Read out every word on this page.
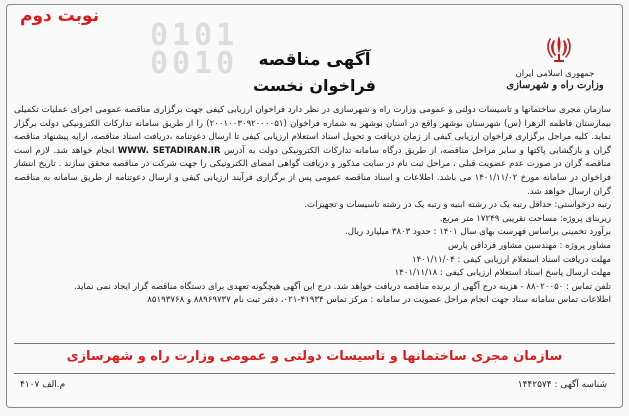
0101
0010
نوبت دوم
جمهوری اسلامی ایران
وزارت راه و شهرسازی
آگهی مناقصه
فراخوان نخست

سازمان مجری ساختمانها و تاسیسات دولتی و عمومی وزارت راه و شهرسازی در نظر دارد فراخوان ارزیابی کیفی جهت برگزاری مناقصه عمومی اجرای عملیات تکمیلی بیمارستان فاطمه الزهرا (س) شهرستان بوشهر واقع در استان بوشهر به شماره فراخوان (۲۰۰۱۰۰۳۰۹۲۰۰۰۰۵۱) را از طریق سامانه تدارکات الکترونیکی دولت برگزار نماید. کلیه مراحل برگزاری فراخوان ارزیابی کیفی از زمان دریافت و تحویل اسناد استعلام ارزیابی کیفی تا ارسال دعوتنامه ،دریافت اسناد مناقصه، ارایه پیشنهاد مناقصه گران و بازگشایی پاکتها و سایر مراحل مناقصه، از طریق درگاه سامانه تدارکات الکترونیکی دولت به آدرس WWW. SETADIRAN.IR انجام خواهد شد. لازم است مناقصه گران در صورت عدم عضویت قبلی ، مراحل ثبت نام در سایت مذکور و دریافت گواهی امضای الکترونیکی را جهت شرکت در مناقصه محقق سازند . تاریخ انتشار فراخوان در سامانه مورخ ۱۴۰۱/۱۱/۰۲ می باشد. اطلاعات و اسناد مناقصه عمومی پس از برگزاری فرآیند ارزیابی کیفی و ارسال دعوتنامه از طریق سامانه به مناقصه گران ارسال خواهد شد.

رتبه درخواستی: حداقل رتبه یک در رشته ابنیه و رتبه یک در رشته تاسیسات و تجهیزات.

زیربنای پروژه: مساحت تقریبی ۱۷۲۴۹ متر مربع.

برآورد تخمینی براساس فهرست بهای سال ۱۴۰۱ : حدود ۳۸۰۳ میلیارد ریال.

مشاور پروژه : مهندسین مشاور فرداقن پارس

مهلت دریافت اسناد استعلام ارزیابی کیفی : ۱۴۰۱/۱۱/۰۴

مهلت ارسال پاسخ اسناد استعلام ارزیابی کیفی : ۱۴۰۱/۱۱/۱۸

تلفن تماس : ۸۸۰۲۰۰۵۰ - هزینه درج آگهی از برنده مناقصه دریافت خواهد شد. درج این آگهی هیچگونه تعهدی برای دستگاه مناقصه گزار ایجاد نمی نماید.

اطلاعات تماس سامانه ستاد جهت انجام مراحل عضویت در سامانه : مرکز تماس ۴۱۹۳۴-۰۲۱، دفتر ثبت نام ۸۸۹۶۹۷۳۷ و ۸۵۱۹۳۷۶۸

سازمان مجری ساختمانها و تاسیسات دولتی و عمومی وزارت راه و شهرسازی
شناسه آگهی : ۱۴۴۲۵۷۴
م.الف ۴۱۰۷
